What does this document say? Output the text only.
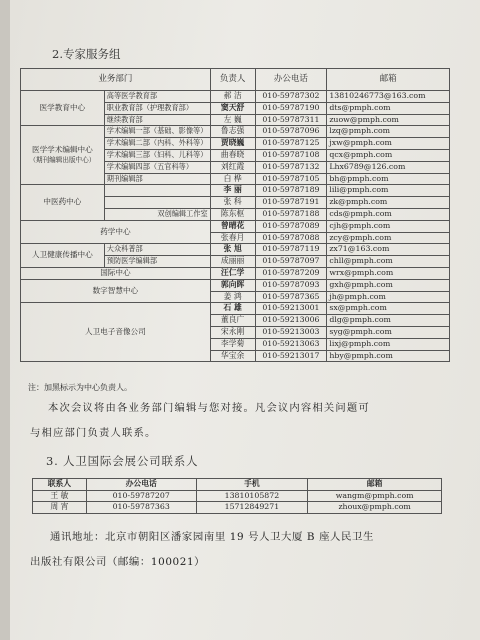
2.专家服务组
业务部门		负责人	办公电话	邮箱
医学教育中心	高等医学教育部	郝 洁	010-59787302	13810246773@163.com
	职业教育部（护理教育部）	窦天舒	010-59787190	dts@pmph.com
	继续教育部	左 巍	010-59787311	zuow@pmph.com
医学学术编辑中心
（期刊编辑出版中心）	学术编辑一部（基础、影像等）	鲁志强	010-59787096	lzq@pmph.com
	学术编辑二部（内科、外科等）	贾晓巍	010-59787125	jxw@pmph.com
	学术编辑三部（妇科、儿科等）	曲春晓	010-59787108	qcx@pmph.com
	学术编辑四部（五官科等）	刘红霞	010-59787132	Lhx6789@126.com
	期刊编辑部	白 桦	010-59787105	bh@pmph.com
中医药中心		李 丽	010-59787189	lili@pmph.com
		张 科	010-59787191	zk@pmph.com
	双创编辑工作室	陈东枢	010-59787188	cds@pmph.com
药学中心		曾晴花	010-59787089	cjh@pmph.com
		张春月	010-59787088	zcy@pmph.com
人卫健康传播中心	大众科普部	张 旭	010-59787119	zx71@163.com
	预防医学编辑部	成丽丽	010-59787097	chll@pmph.com
国际中心		汪仁学	010-59787209	wrx@pmph.com
数字智慧中心		郭向晖	010-59787093	gxh@pmph.com
		姜 鸿	010-59787365	jh@pmph.com
人卫电子音像公司		石 雄	010-59213001	sx@pmph.com
		董良广	010-59213006	dlg@pmph.com
		宋永刚	010-59213003	syg@pmph.com
		李学菊	010-59213063	lixj@pmph.com
		华宝余	010-59213017	hby@pmph.com
注：加黑标示为中心负责人。
本次会议将由各业务部门编辑与您对接。凡会议内容相关问题可
与相应部门负责人联系。
3. 人卫国际会展公司联系人
联系人	办公电话	手机	邮箱
王 敏	010-59787207	13810105872	wangm@pmph.com
周 宵	010-59787363	15712849271	zhoux@pmph.com
通讯地址：北京市朝阳区潘家园南里 19 号人卫大厦 B 座人民卫生
出版社有限公司（邮编：100021）
